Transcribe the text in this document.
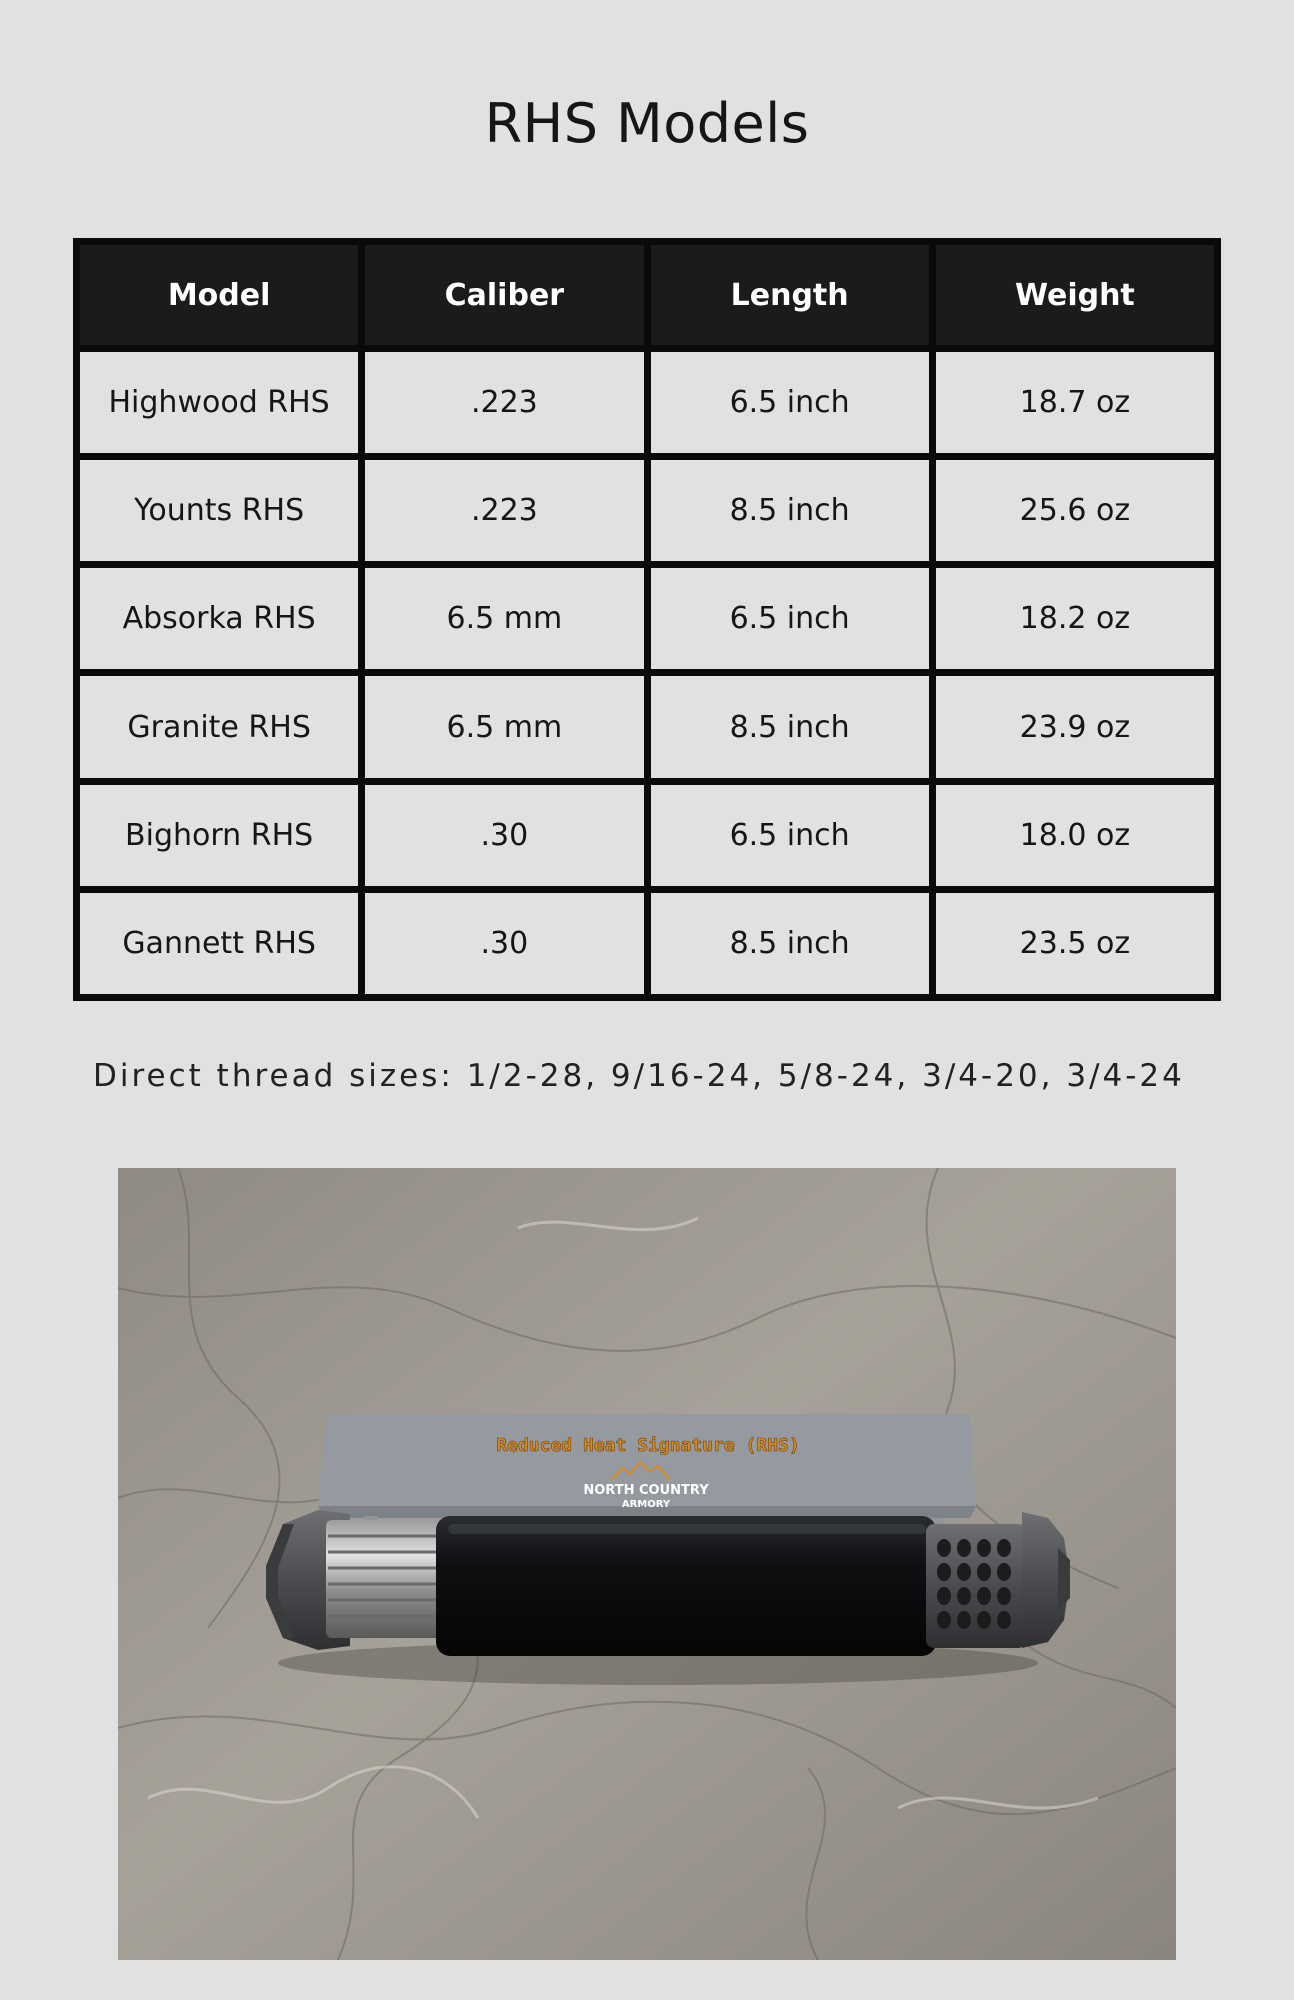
RHS Models
Model	Caliber	Length	Weight
Highwood RHS	.223	6.5 inch	18.7 oz
Younts RHS	.223	8.5 inch	25.6 oz
Absorka RHS	6.5 mm	6.5 inch	18.2 oz
Granite RHS	6.5 mm	8.5 inch	23.9 oz
Bighorn RHS	.30	6.5 inch	18.0 oz
Gannett RHS	.30	8.5 inch	23.5 oz
Direct thread sizes: 1/2-28, 9/16-24, 5/8-24, 3/4-20, 3/4-24
Reduced Heat Signature (RHS)
NORTH COUNTRY
ARMORY
